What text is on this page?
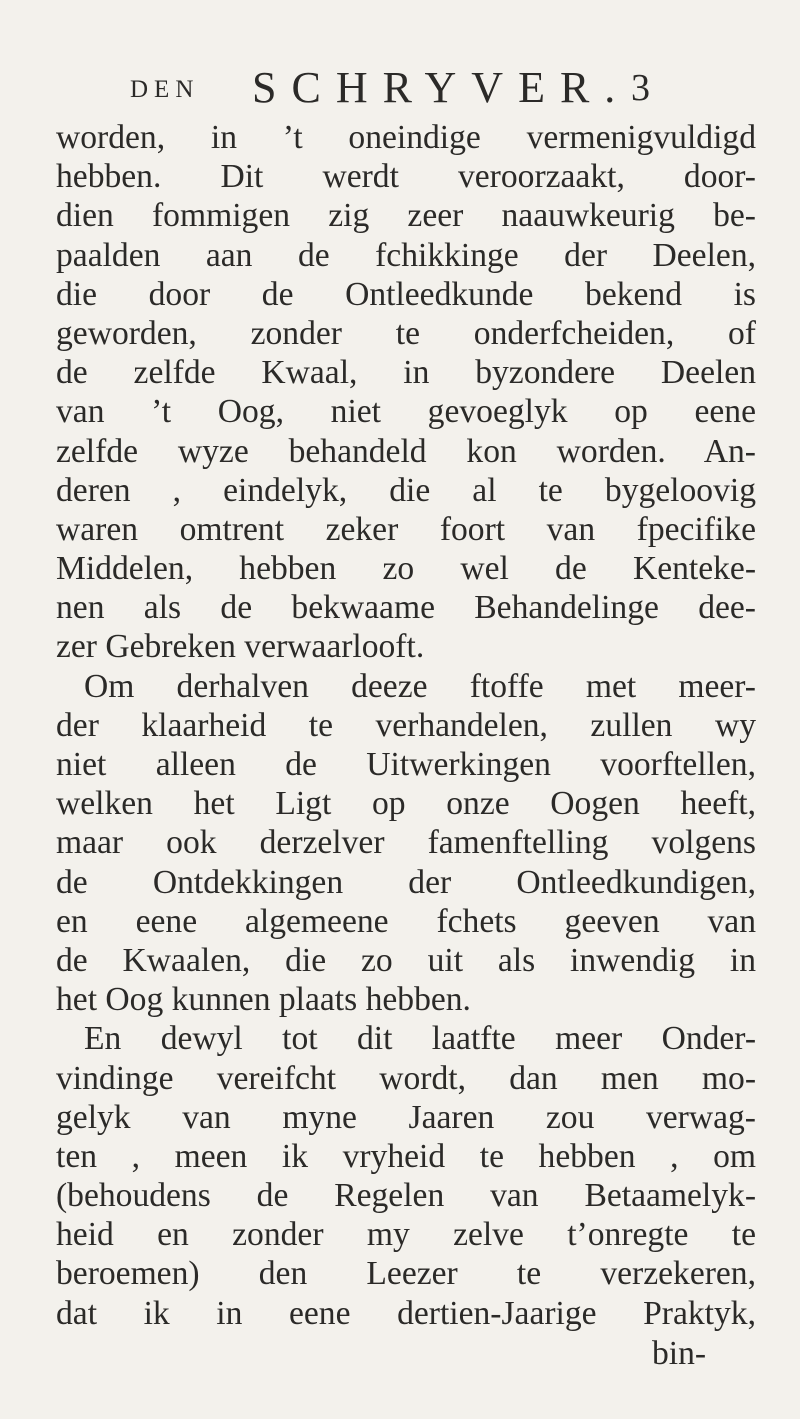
DEN SCHRYVER. 3
worden, in ’t oneindige vermenigvuldigd
hebben. Dit werdt veroorzaakt, door-
dien fommigen zig zeer naauwkeurig be-
paalden aan de fchikkinge der Deelen,
die door de Ontleedkunde bekend is
geworden, zonder te onderfcheiden, of
de zelfde Kwaal, in byzondere Deelen
van ’t Oog, niet gevoeglyk op eene
zelfde wyze behandeld kon worden. An-
deren , eindelyk, die al te bygeloovig
waren omtrent zeker foort van fpecifike
Middelen, hebben zo wel de Kenteke-
nen als de bekwaame Behandelinge dee-
zer Gebreken verwaarlooft.
Om derhalven deeze ftoffe met meer-
der klaarheid te verhandelen, zullen wy
niet alleen de Uitwerkingen voorftellen,
welken het Ligt op onze Oogen heeft,
maar ook derzelver famenftelling volgens
de Ontdekkingen der Ontleedkundigen,
en eene algemeene fchets geeven van
de Kwaalen, die zo uit als inwendig in
het Oog kunnen plaats hebben.
En dewyl tot dit laatfte meer Onder-
vindinge vereifcht wordt, dan men mo-
gelyk van myne Jaaren zou verwag-
ten , meen ik vryheid te hebben , om
(behoudens de Regelen van Betaamelyk-
heid en zonder my zelve t’onregte te
beroemen) den Leezer te verzekeren,
dat ik in eene dertien-Jaarige Praktyk,
bin-
